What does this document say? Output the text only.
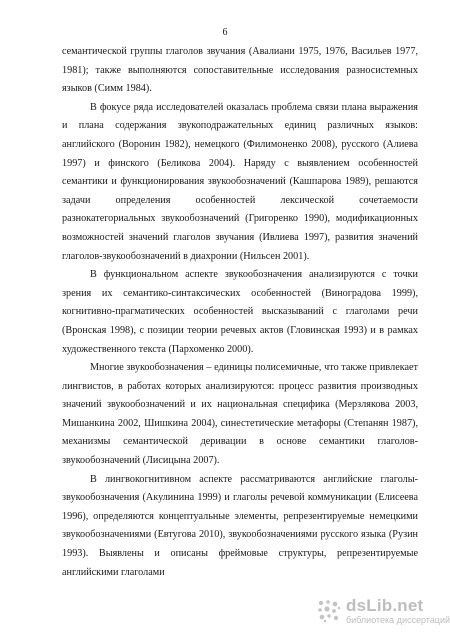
6

семантической группы глаголов звучания (Авалиани 1975, 1976, Васильев 1977, 1981); также выполняются сопоставительные исследования разносистемных языков (Симм 1984).

В фокусе ряда исследователей оказалась проблема связи плана выражения и плана содержания звукоподражательных единиц различных языков: английского (Воронин 1982), немецкого (Филимоненко 2008), русского (Алиева 1997) и финского (Беликова 2004). Наряду с выявлением особенностей семантики и функционирования звукообозначений (Кашпарова 1989), решаются задачи определения особенностей лексической сочетаемости разнокатегориальных звукообозначений (Григоренко 1990), модификационных возможностей значений глаголов звучания (Ивлиева 1997), развития значений глаголов-звукообозначений в диахронии (Нильсен 2001).

В функциональном аспекте звукообозначения анализируются с точки зрения их семантико-синтаксических особенностей (Виноградова 1999), когнитивно-прагматических особенностей высказываний с глаголами речи (Вронская 1998), с позиции теории речевых актов (Гловинская 1993) и в рамках художественного текста (Пархоменко 2000).

Многие звукообозначения – единицы полисемичные, что также привлекает лингвистов, в работах которых анализируются: процесс развития производных значений звукообозначений и их национальная специфика (Мерзлякова 2003, Мишанкина 2002, Шишкина 2004), синестетические метафоры (Степанян 1987), механизмы семантической деривации в основе семантики глаголов-звукообозначений (Лисицына 2007).

В лингвокогнитивном аспекте рассматриваются английские глаголы-звукообозначения (Акулинина 1999) и глаголы речевой коммуникации (Елисеева 1996), определяются концептуальные элементы, репрезентируемые немецкими звукообозначениями (Евтугова 2010), звукообозначениями русского языка (Рузин 1993). Выявлены и описаны фреймовые структуры, репрезентируемые английскими глаголами

dsLib.net
библиотека диссертаций
